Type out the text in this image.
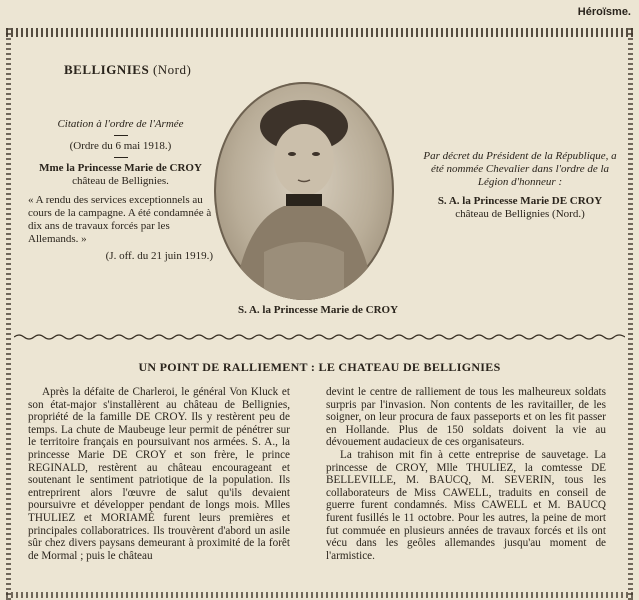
Héroïsme.
BELLIGNIES (Nord)
Citation à l'ordre de l'Armée
(Ordre du 6 mai 1918.)
Mme la Princesse Marie de CROY
château de Bellignies.
« A rendu des services exceptionnels au cours de la campagne. A été condamnée à dix ans de travaux forcés par les Allemands. »
(J. off. du 21 juin 1919.)
S. A. la Princesse Marie de CROY
Par décret du Président de la République, a été nommée Chevalier dans l'ordre de la Légion d'honneur :
S. A. la Princesse Marie DE CROY
château de Bellignies (Nord.)
UN POINT DE RALLIEMENT : LE CHATEAU DE BELLIGNIES

Après la défaite de Charleroi, le général Von Kluck et son état-major s'installèrent au château de Bellignies, propriété de la famille DE CROY. Ils y restèrent peu de temps. La chute de Maubeuge leur permit de pénétrer sur le territoire français en poursuivant nos armées. S. A., la princesse Marie DE CROY et son frère, le prince REGINALD, restèrent au château encourageant et soutenant le sentiment patriotique de la population. Ils entreprirent alors l'œuvre de salut qu'ils devaient poursuivre et développer pendant de longs mois. Mlles THULIEZ et MORIAMÉ furent leurs premières et principales collaboratrices. Ils trouvèrent d'abord un asile sûr chez divers paysans demeurant à proximité de la forêt de Mormal ; puis le château

devint le centre de ralliement de tous les malheureux soldats surpris par l'invasion. Non contents de les ravitailler, de les soigner, on leur procura de faux passeports et on les fit passer en Hollande. Plus de 150 soldats doivent la vie au dévouement audacieux de ces organisateurs.

La trahison mit fin à cette entreprise de sauvetage. La princesse de CROY, Mlle THULIEZ, la comtesse DE BELLEVILLE, M. BAUCQ, M. SEVERIN, tous les collaborateurs de Miss CAWELL, traduits en conseil de guerre furent condamnés. Miss CAWELL et M. BAUCQ furent fusillés le 11 octobre. Pour les autres, la peine de mort fut commuée en plusieurs années de travaux forcés et ils ont vécu dans les geôles allemandes jusqu'au moment de l'armistice.
